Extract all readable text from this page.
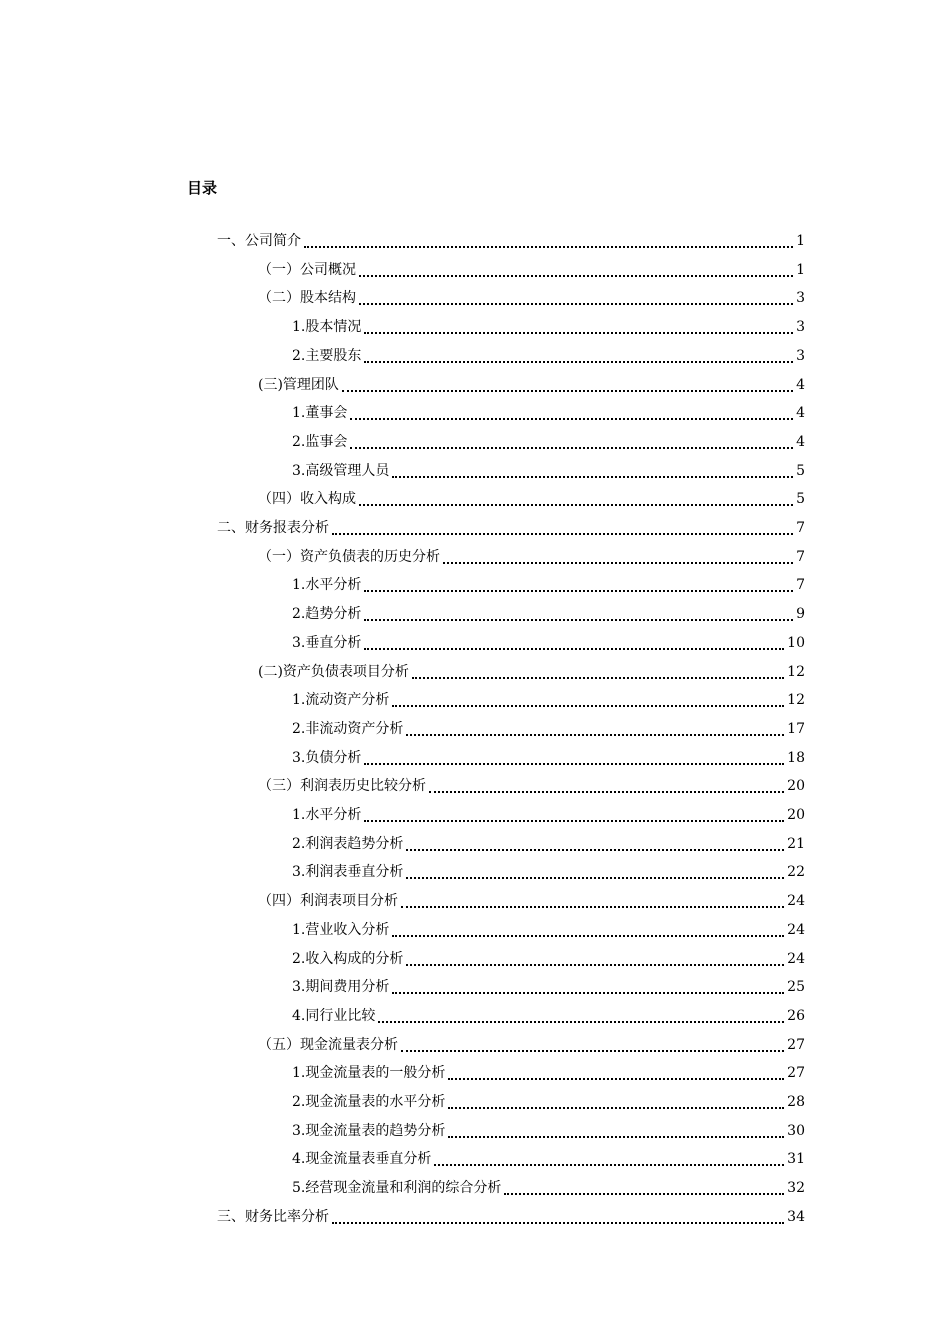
目录
一、公司简介	1
（一）公司概况	1
（二）股本结构	3
1.股本情况	3
2.主要股东	3
(三)管理团队	4
1.董事会	4
2.监事会	4
3.高级管理人员	5
（四）收入构成	5
二、财务报表分析	7
（一）资产负债表的历史分析	7
1.水平分析	7
2.趋势分析	9
3.垂直分析	10
(二)资产负债表项目分析	12
1.流动资产分析	12
2.非流动资产分析	17
3.负债分析	18
（三）利润表历史比较分析	20
1.水平分析	20
2.利润表趋势分析	21
3.利润表垂直分析	22
（四）利润表项目分析	24
1.营业收入分析	24
2.收入构成的分析	24
3.期间费用分析	25
4.同行业比较	26
（五）现金流量表分析	27
1.现金流量表的一般分析	27
2.现金流量表的水平分析	28
3.现金流量表的趋势分析	30
4.现金流量表垂直分析	31
5.经营现金流量和利润的综合分析	32
三、财务比率分析	34
